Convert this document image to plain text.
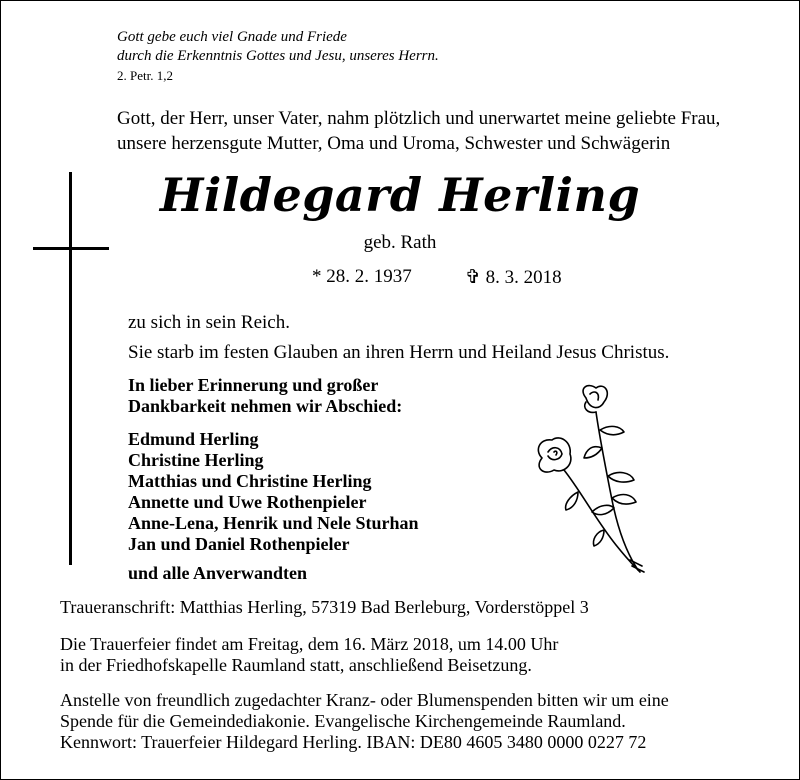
Gott gebe euch viel Gnade und Friede
durch die Erkenntnis Gottes und Jesu, unseres Herrn.
2. Petr. 1,2
Gott, der Herr, unser Vater, nahm plötzlich und unerwartet meine geliebte Frau,
unsere herzensgute Mutter, Oma und Uroma, Schwester und Schwägerin
Hildegard Herling
geb. Rath
* 28. 2. 1937	✞ 8. 3. 2018
zu sich in sein Reich.
Sie starb im festen Glauben an ihren Herrn und Heiland Jesus Christus.
In lieber Erinnerung und großer
Dankbarkeit nehmen wir Abschied:
Edmund Herling
Christine Herling
Matthias und Christine Herling
Annette und Uwe Rothenpieler
Anne-Lena, Henrik und Nele Sturhan
Jan und Daniel Rothenpieler
und alle Anverwandten
Traueranschrift: Matthias Herling, 57319 Bad Berleburg, Vorderstöppel 3
Die Trauerfeier findet am Freitag, dem 16. März 2018, um 14.00 Uhr
in der Friedhofskapelle Raumland statt, anschließend Beisetzung.
Anstelle von freundlich zugedachter Kranz- oder Blumenspenden bitten wir um eine
Spende für die Gemeindediakonie. Evangelische Kirchengemeinde Raumland.
Kennwort: Trauerfeier Hildegard Herling. IBAN: DE80 4605 3480 0000 0227 72
